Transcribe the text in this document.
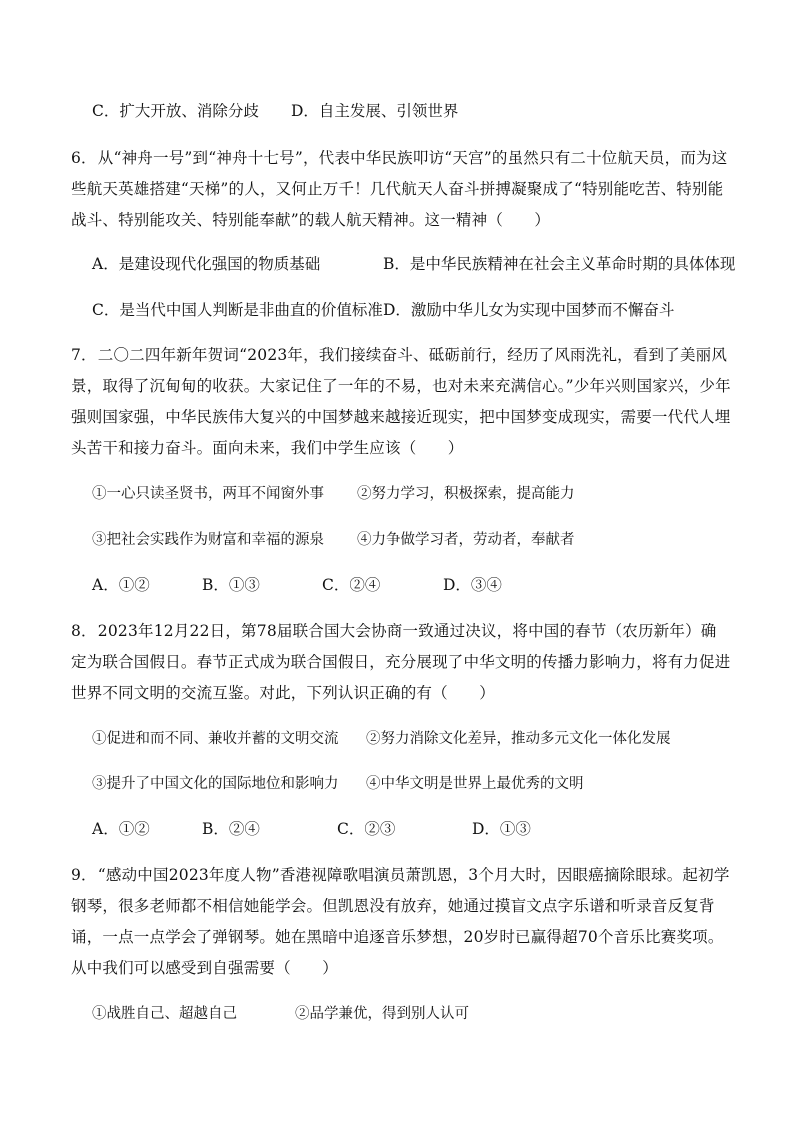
C．扩大开放、消除分歧 D．自主发展、引领世界
6．从“神舟一号”到“神舟十七号”，代表中华民族叩访“天宫”的虽然只有二十位航天员，而为这些航天英雄搭建“天梯”的人，又何止万千！几代航天人奋斗拼搏凝聚成了“特别能吃苦、特别能战斗、特别能攻关、特别能奉献”的载人航天精神。这一精神（　　）
A．是建设现代化强国的物质基础	B．是中华民族精神在社会主义革命时期的具体体现
C．是当代中国人判断是非曲直的价值标准 D．激励中华儿女为实现中国梦而不懈奋斗
7．二〇二四年新年贺词“2023年，我们接续奋斗、砥砺前行，经历了风雨洗礼，看到了美丽风景，取得了沉甸甸的收获。大家记住了一年的不易，也对未来充满信心。”少年兴则国家兴，少年强则国家强，中华民族伟大复兴的中国梦越来越接近现实，把中国梦变成现实，需要一代代人埋头苦干和接力奋斗。面向未来，我们中学生应该（　　）
①一心只读圣贤书，两耳不闻窗外事 ②努力学习，积极探索，提高能力
③把社会实践作为财富和幸福的源泉 ④力争做学习者，劳动者，奉献者
A．①②	B．①③	C．②④	D．③④
8．2023年12月22日，第78届联合国大会协商一致通过决议，将中国的春节（农历新年）确定为联合国假日。春节正式成为联合国假日，充分展现了中华文明的传播力影响力，将有力促进世界不同文明的交流互鉴。对此，下列认识正确的有（　　）
①促进和而不同、兼收并蓄的文明交流 ②努力消除文化差异，推动多元文化一体化发展
③提升了中国文化的国际地位和影响力 ④中华文明是世界上最优秀的文明
A．①②	B．②④	C．②③	D．①③
9．“感动中国2023年度人物”香港视障歌唱演员萧凯恩，3个月大时，因眼癌摘除眼球。起初学钢琴，很多老师都不相信她能学会。但凯恩没有放弃，她通过摸盲文点字乐谱和听录音反复背诵，一点一点学会了弹钢琴。她在黑暗中追逐音乐梦想，20岁时已赢得超70个音乐比赛奖项。从中我们可以感受到自强需要（　　）
①战胜自己、超越自己	②品学兼优，得到别人认可
